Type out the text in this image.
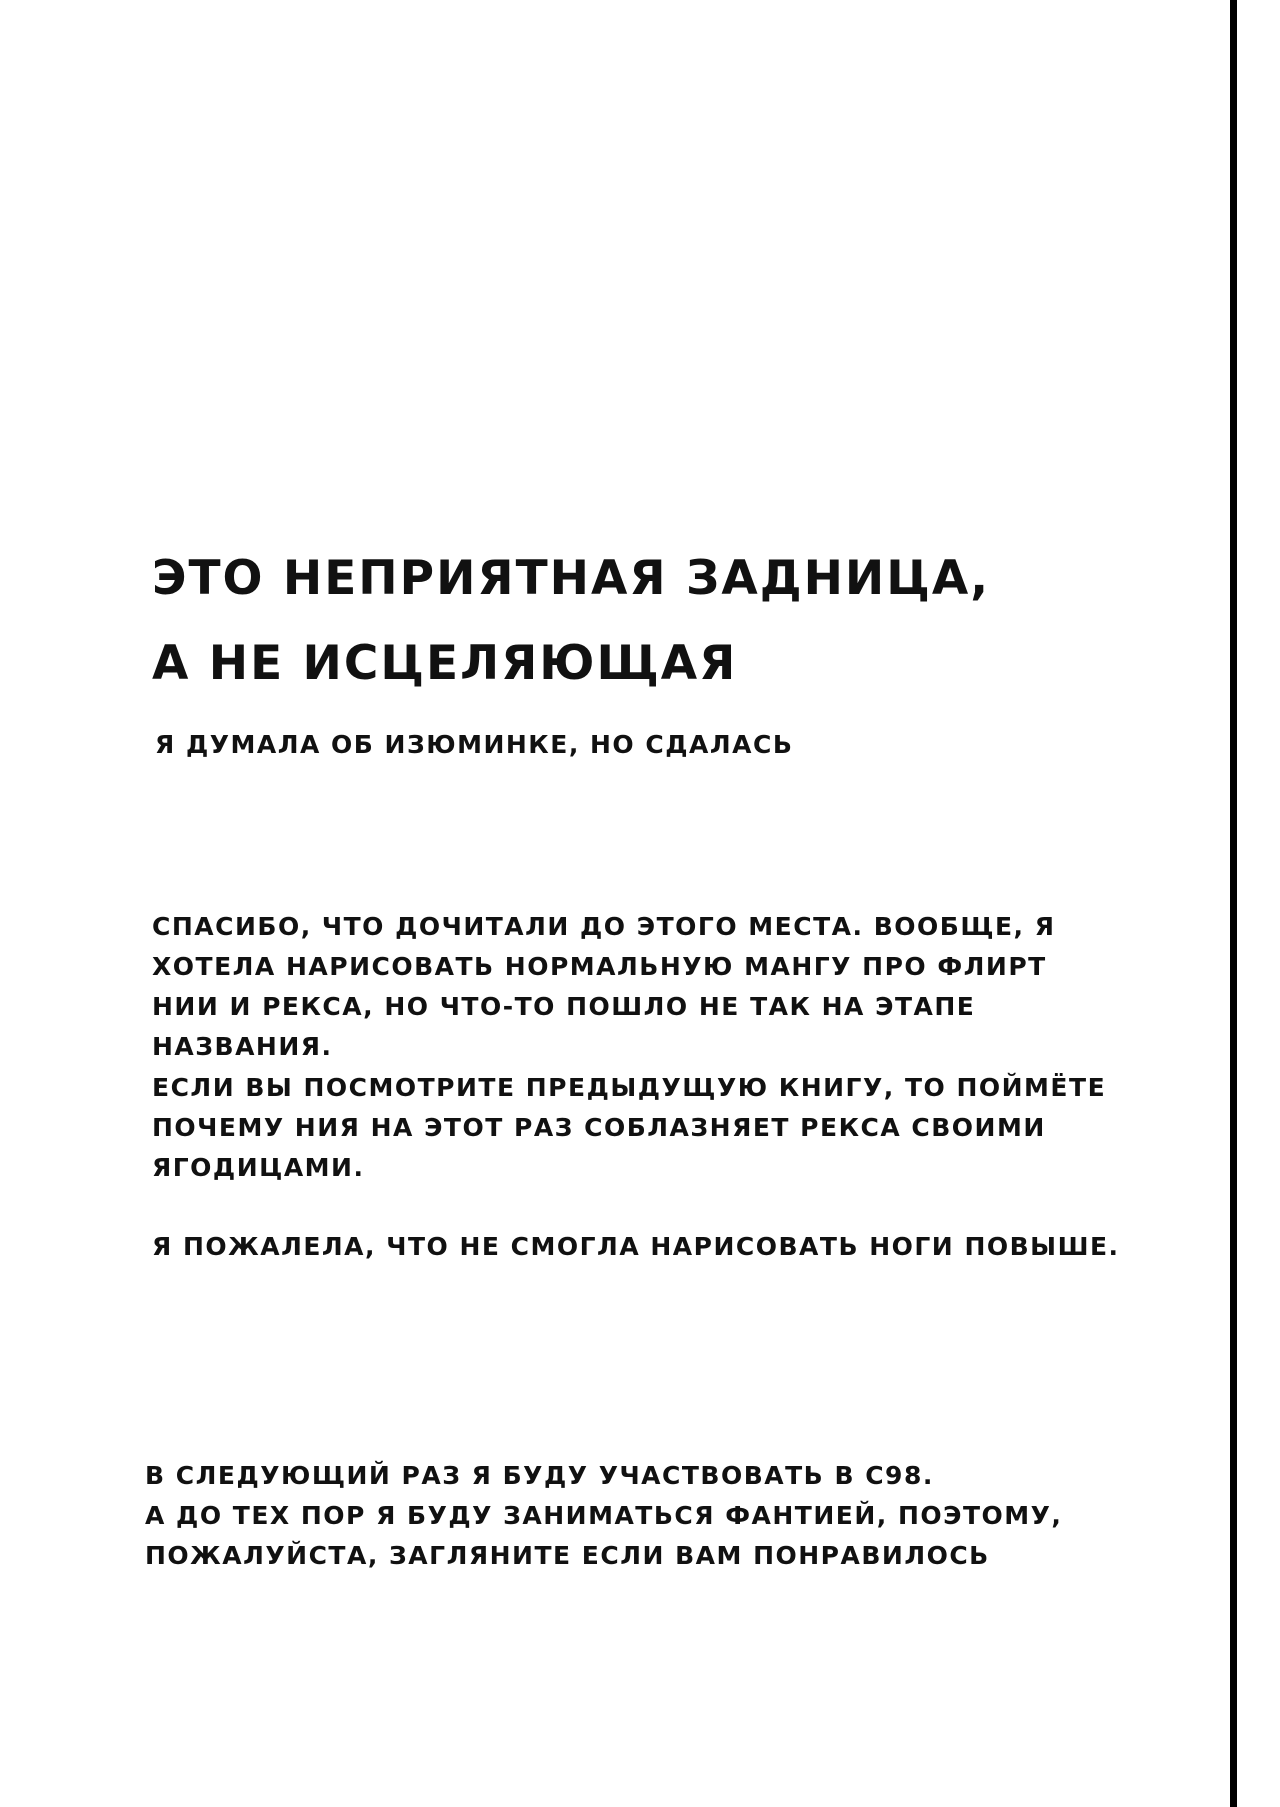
ЭТО НЕПРИЯТНАЯ ЗАДНИЦА,
А НЕ ИСЦЕЛЯЮЩАЯ

Я ДУМАЛА ОБ ИЗЮМИНКЕ, НО СДАЛАСЬ

СПАСИБО, ЧТО ДОЧИТАЛИ ДО ЭТОГО МЕСТА. ВООБЩЕ, Я
ХОТЕЛА НАРИСОВАТЬ НОРМАЛЬНУЮ МАНГУ ПРО ФЛИРТ
НИИ И РЕКСА, НО ЧТО-ТО ПОШЛО НЕ ТАК НА ЭТАПЕ
НАЗВАНИЯ.

ЕСЛИ ВЫ ПОСМОТРИТЕ ПРЕДЫДУЩУЮ КНИГУ, ТО ПОЙМЁТЕ
ПОЧЕМУ НИЯ НА ЭТОТ РАЗ СОБЛАЗНЯЕТ РЕКСА СВОИМИ
ЯГОДИЦАМИ.

Я ПОЖАЛЕЛА, ЧТО НЕ СМОГЛА НАРИСОВАТЬ НОГИ ПОВЫШЕ.

В СЛЕДУЮЩИЙ РАЗ Я БУДУ УЧАСТВОВАТЬ В C98.
А ДО ТЕХ ПОР Я БУДУ ЗАНИМАТЬСЯ ФАНТИЕЙ, ПОЭТОМУ,
ПОЖАЛУЙСТА, ЗАГЛЯНИТЕ ЕСЛИ ВАМ ПОНРАВИЛОСЬ
